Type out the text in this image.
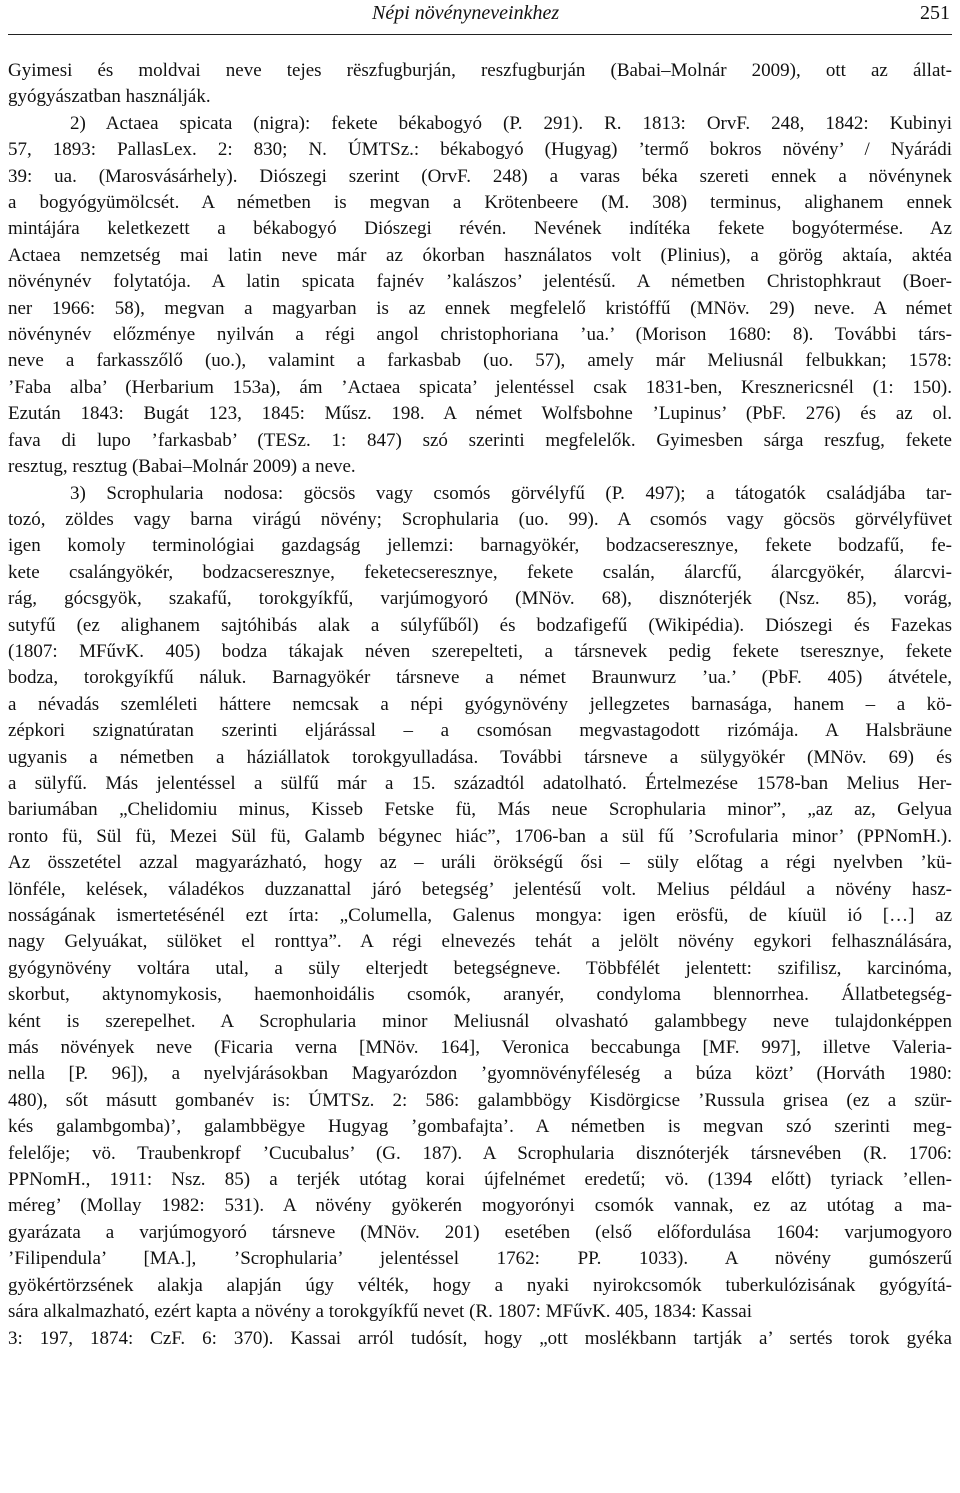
Népi növényneveinkhez	251
Gyimesi és moldvai neve tejes rëszfugburján, reszfugburján (Babai–Molnár 2009), ott az állat-
gyógyászatban használják.
2) Actaea spicata (nigra): fekete békabogyó (P. 291). R. 1813: OrvF. 248, 1842: Kubinyi
57, 1893: PallasLex. 2: 830; N. ÚMTSz.: békabogyó (Hugyag) ’termő bokros növény’ / Nyárádi
39: ua. (Marosvásárhely). Diószegi szerint (OrvF. 248) a varas béka szereti ennek a növénynek
a bogyógyümölcsét. A németben is megvan a Krötenbeere (M. 308) terminus, alighanem ennek
mintájára keletkezett a békabogyó Diószegi révén. Nevének indítéka fekete bogyótermése. Az
Actaea nemzetség mai latin neve már az ókorban használatos volt (Plinius), a görög aktaía, aktéa
növénynév folytatója. A latin spicata fajnév ’kalászos’ jelentésű. A németben Christophkraut (Boer-
ner 1966: 58), megvan a magyarban is az ennek megfelelő kristóffű (MNöv. 29) neve. A német
növénynév előzménye nyilván a régi angol christophoriana ’ua.’ (Morison 1680: 8). További társ-
neve a farkasszőlő (uo.), valamint a farkasbab (uo. 57), amely már Meliusnál felbukkan; 1578:
’Faba alba’ (Herbarium 153a), ám ’Actaea spicata’ jelentéssel csak 1831-ben, Kresznericsnél (1: 150).
Ezután 1843: Bugát 123, 1845: Műsz. 198. A német Wolfsbohne ’Lupinus’ (PbF. 276) és az ol.
fava di lupo ’farkasbab’ (TESz. 1: 847) szó szerinti megfelelők. Gyimesben sárga reszfug, fekete
resztug, resztug (Babai–Molnár 2009) a neve.
3) Scrophularia nodosa: göcsös vagy csomós görvélyfű (P. 497); a tátogatók családjába tar-
tozó, zöldes vagy barna virágú növény; Scrophularia (uo. 99). A csomós vagy göcsös görvélyfüvet
igen komoly terminológiai gazdagság jellemzi: barnagyökér, bodzacseresznye, fekete bodzafű, fe-
kete csalángyökér, bodzacseresznye, feketecseresznye, fekete csalán, álarcfű, álarcgyökér, álarcvi-
rág, gócsgyök, szakafű, torokgyíkfű, varjúmogyoró (MNöv. 68), disznóterjék (Nsz. 85), vorág,
sutyfű (ez alighanem sajtóhibás alak a súlyfűből) és bodzafigefű (Wikipédia). Diószegi és Fazekas
(1807: MFűvK. 405) bodza tákajak néven szerepelteti, a társnevek pedig fekete tseresznye, fekete
bodza, torokgyíkfű náluk. Barnagyökér társneve a német Braunwurz ’ua.’ (PbF. 405) átvétele,
a névadás szemléleti háttere nemcsak a népi gyógynövény jellegzetes barnasága, hanem – a kö-
zépkori szignatúratan szerinti eljárással – a csomósan megvastagodott rizómája. A Halsbräune
ugyanis a németben a háziállatok torokgyulladása. További társneve a sülygyökér (MNöv. 69) és
a sülyfű. Más jelentéssel a sülfű már a 15. századtól adatolható. Értelmezése 1578-ban Melius Her-
bariumában „Chelidomiu minus, Kisseb Fetske fü, Más neue Scrophularia minor”, „az az, Gelyua
ronto fü, Sül fü, Mezei Sül fü, Galamb bégynec hiác”, 1706-ban a sül fű ’Scrofularia minor’ (PPNomH.).
Az összetétel azzal magyarázható, hogy az – uráli örökségű ősi – süly előtag a régi nyelvben ’kü-
lönféle, kelések, váladékos duzzanattal járó betegség’ jelentésű volt. Melius például a növény hasz-
nosságának ismertetésénél ezt írta: „Columella, Galenus mongya: igen erösfü, de kíuül ió […] az
nagy Gelyuákat, sülöket el ronttya”. A régi elnevezés tehát a jelölt növény egykori felhasználására,
gyógynövény voltára utal, a süly elterjedt betegségneve. Többfélét jelentett: szifilisz, karcinóma,
skorbut, aktynomykosis, haemonhoidális csomók, aranyér, condyloma blennorrhea. Állatbetegség-
ként is szerepelhet. A Scrophularia minor Meliusnál olvasható galambbegy neve tulajdonképpen
más növények neve (Ficaria verna [MNöv. 164], Veronica beccabunga [MF. 997], illetve Valeria-
nella [P. 96]), a nyelvjárásokban Magyarózdon ’gyomnövényféleség a búza közt’ (Horváth 1980:
480), sőt másutt gombanév is: ÚMTSz. 2: 586: galambbögy Kisdörgicse ’Russula grisea (ez a szür-
kés galambgomba)’, galambbëgye Hugyag ’gombafajta’. A németben is megvan szó szerinti meg-
felelője; vö. Traubenkropf ’Cucubalus’ (G. 187). A Scrophularia disznóterjék társnevében (R. 1706:
PPNomH., 1911: Nsz. 85) a terjék utótag korai újfelnémet eredetű; vö. (1394 előtt) tyriack ’ellen-
méreg’ (Mollay 1982: 531). A növény gyökerén mogyorónyi csomók vannak, ez az utótag a ma-
gyarázata a varjúmogyoró társneve (MNöv. 201) esetében (első előfordulása 1604: varjumogyoro
’Filipendula’ [MA.], ’Scrophularia’ jelentéssel 1762: PP. 1033). A növény gumószerű
gyökértörzsének alakja alapján úgy vélték, hogy a nyaki nyirokcsomók tuberkulózisának gyógyítá-
sára alkalmazható, ezért kapta a növény a torokgyíkfű nevet (R. 1807: MFűvK. 405, 1834: Kassai
3: 197, 1874: CzF. 6: 370). Kassai arról tudósít, hogy „ott moslékbann tartják a’ sertés torok gyéka
